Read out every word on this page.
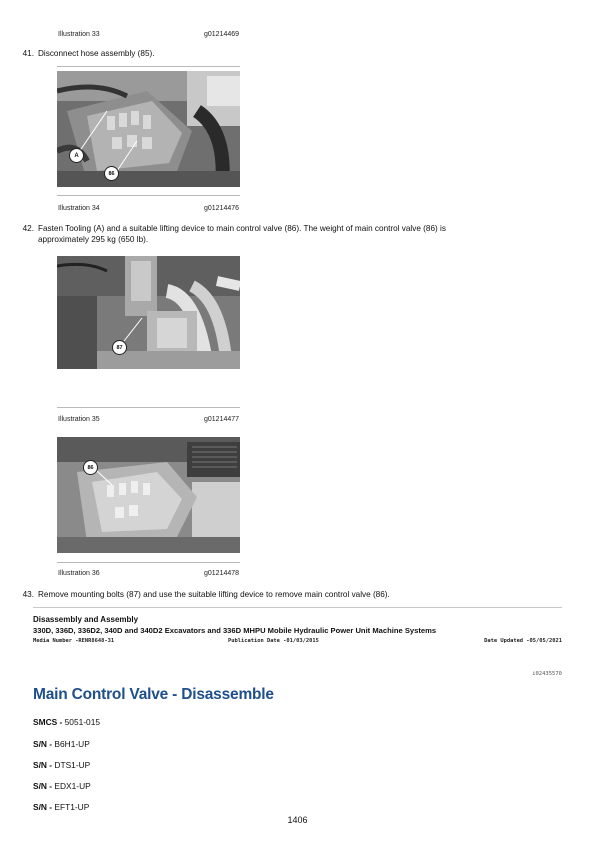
Illustration 33	g01214469
41. Disconnect hose assembly (85).
A
86
Illustration 34	g01214476
42. Fasten Tooling (A) and a suitable lifting device to main control valve (86). The weight of main control valve (86) is
approximately 295 kg (650 lb).
87
Illustration 35	g01214477
86
Illustration 36	g01214478
43. Remove mounting bolts (87) and use the suitable lifting device to remove main control valve (86).
Disassembly and Assembly
330D, 336D, 336D2, 340D and 340D2 Excavators and 336D MHPU Mobile Hydraulic Power Unit Machine Systems
Media Number -RENR8648-31	Publication Date -01/03/2015	Date Updated -05/05/2021
i02435570
Main Control Valve - Disassemble
SMCS - 5051-015
S/N - B6H1-UP
S/N - DTS1-UP
S/N - EDX1-UP
S/N - EFT1-UP
1406
